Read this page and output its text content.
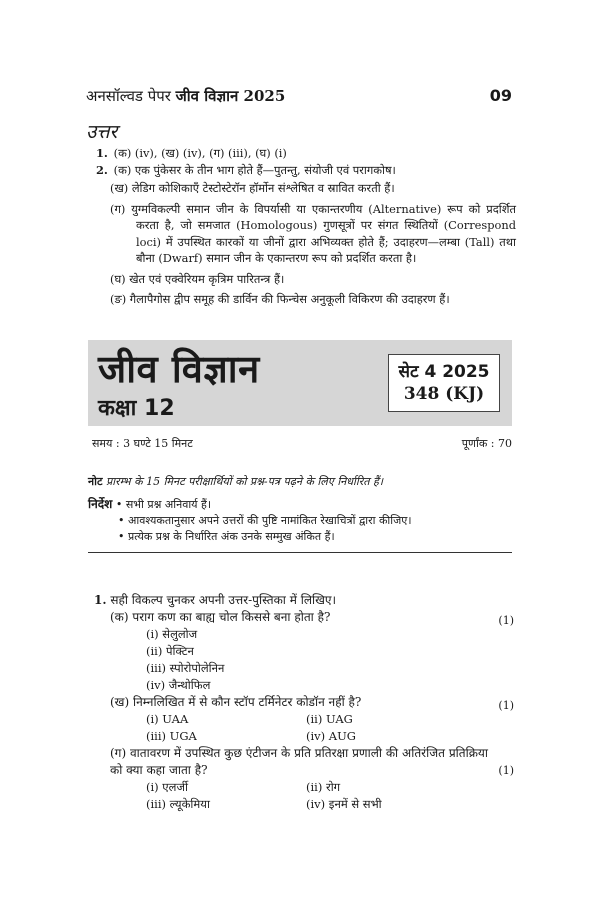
अनसॉल्वड पेपर जीव विज्ञान 2025	09
उत्तर
1. (क) (iv), (ख) (iv), (ग) (iii), (घ) (i)
2. (क) एक पुंकेसर के तीन भाग होते हैं—पुतन्तु, संयोजी एवं परागकोष।
(ख) लेडिग कोशिकाएँ टेस्टोस्टेरॉन हॉर्मोन संश्लेषित व स्रावित करती हैं।
(ग) युग्मविकल्पी समान जीन के विपर्यासी या एकान्तरणीय (Alternative) रूप को प्रदर्शित करता है, जो समजात (Homologous) गुणसूत्रों पर संगत स्थितियों (Correspond loci) में उपस्थित कारकों या जीनों द्वारा अभिव्यक्त होते हैं; उदाहरण—लम्बा (Tall) तथा बौना (Dwarf) समान जीन के एकान्तरण रूप को प्रदर्शित करता है।
(घ) खेत एवं एक्वेरियम कृत्रिम पारितन्त्र हैं।
(ङ) गैलापैगोस द्वीप समूह की डार्विन की फिन्चेस अनुकूली विकिरण की उदाहरण हैं।
जीव विज्ञान
कक्षा 12
सेट 4 2025
348 (KJ)
समय : 3 घण्टे 15 मिनट	पूर्णांक : 70
नोट प्रारम्भ के 15 मिनट परीक्षार्थियों को प्रश्न-पत्र पढ़ने के लिए निर्धारित हैं।
निर्देश • सभी प्रश्न अनिवार्य हैं।
• आवश्यकतानुसार अपने उत्तरों की पुष्टि नामांकित रेखाचित्रों द्वारा कीजिए।
• प्रत्येक प्रश्न के निर्धारित अंक उनके सम्मुख अंकित हैं।
1. सही विकल्प चुनकर अपनी उत्तर-पुस्तिका में लिखिए।
(क) पराग कण का बाह्य चोल किससे बना होता है?	(1)
(i) सेलुलोज
(ii) पेक्टिन
(iii) स्पोरोपोलेनिन
(iv) जैन्थोफिल
(ख) निम्नलिखित में से कौन स्टॉप टर्मिनेटर कोडॉन नहीं है?	(1)
(i) UAA	(ii) UAG
(iii) UGA	(iv) AUG
(ग) वातावरण में उपस्थित कुछ एंटीजन के प्रति प्रतिरक्षा प्रणाली की अतिरंजित प्रतिक्रिया को क्या कहा जाता है?	(1)
(i) एलर्जी	(ii) रोग
(iii) ल्यूकेमिया	(iv) इनमें से सभी
